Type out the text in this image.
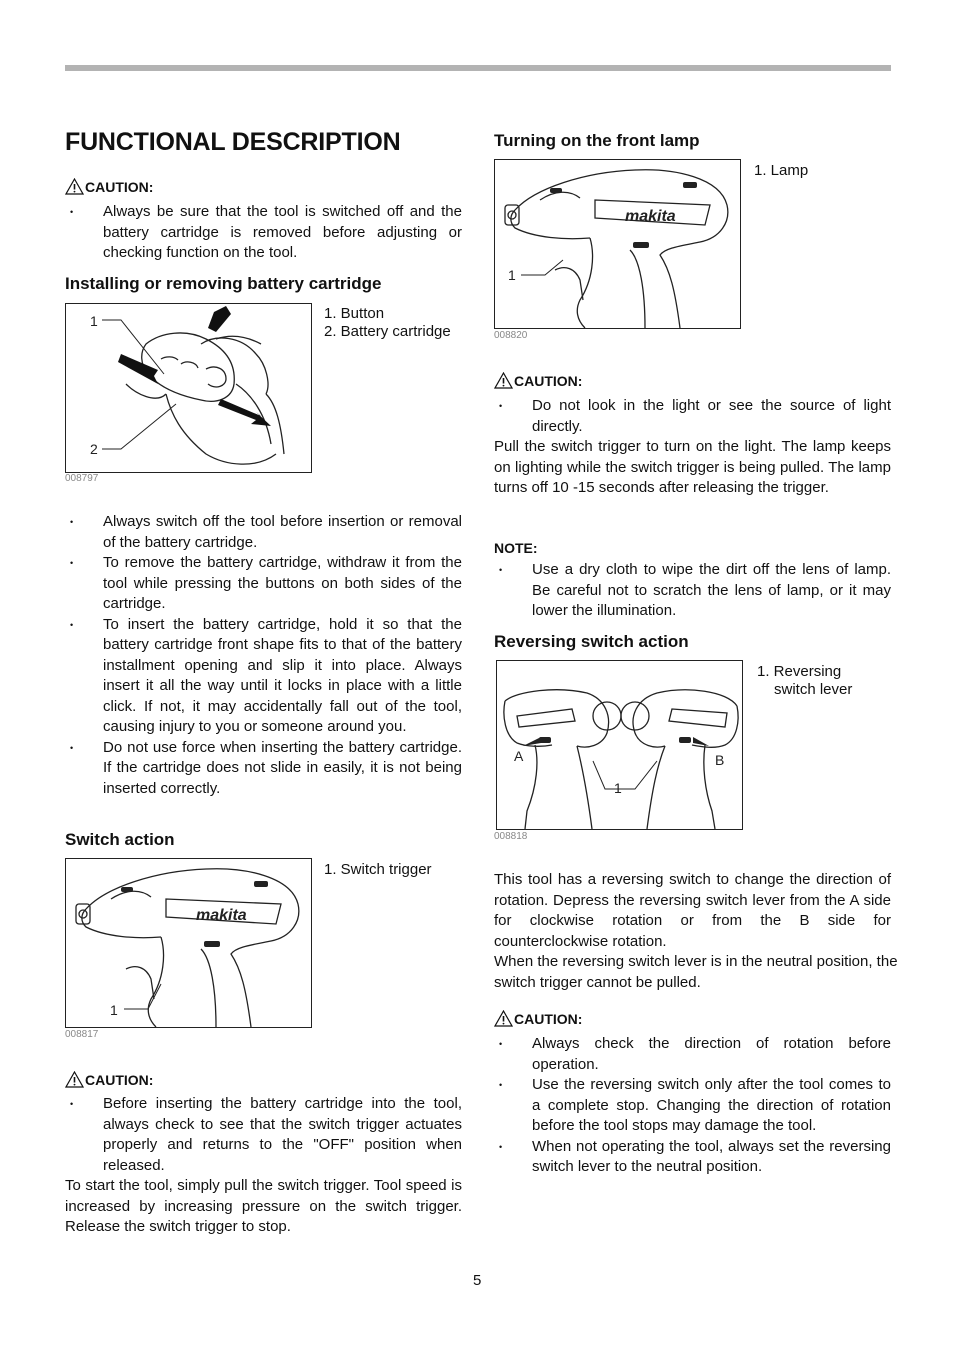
FUNCTIONAL DESCRIPTION
CAUTION:
• Always be sure that the tool is switched off and the battery cartridge is removed before adjusting or checking function on the tool.
Installing or removing battery cartridge
1
2
1. Button
2. Battery cartridge
008797
• Always switch off the tool before insertion or removal of the battery cartridge.
• To remove the battery cartridge, withdraw it from the tool while pressing the buttons on both sides of the cartridge.
• To insert the battery cartridge, hold it so that the battery cartridge front shape fits to that of the battery installment opening and slip it into place. Always insert it all the way until it locks in place with a little click. If not, it may accidentally fall out of the tool, causing injury to you or someone around you.
• Do not use force when inserting the battery cartridge. If the cartridge does not slide in easily, it is not being inserted correctly.
Switch action
makita
1
1. Switch trigger
008817
CAUTION:
• Before inserting the battery cartridge into the tool, always check to see that the switch trigger actuates properly and returns to the "OFF" position when released.
To start the tool, simply pull the switch trigger. Tool speed is increased by increasing pressure on the switch trigger. Release the switch trigger to stop.
Turning on the front lamp
makita
1
1. Lamp
008820
CAUTION:
• Do not look in the light or see the source of light directly.
Pull the switch trigger to turn on the light. The lamp keeps on lighting while the switch trigger is being pulled. The lamp turns off 10 -15 seconds after releasing the trigger.
NOTE:
• Use a dry cloth to wipe the dirt off the lens of lamp. Be careful not to scratch the lens of lamp, or it may lower the illumination.
Reversing switch action
A	B
1
1. Reversing
switch lever
008818
This tool has a reversing switch to change the direction of rotation. Depress the reversing switch lever from the A side for clockwise rotation or from the B side for counterclockwise rotation.
When the reversing switch lever is in the neutral position, the switch trigger cannot be pulled.
CAUTION:
• Always check the direction of rotation before operation.
• Use the reversing switch only after the tool comes to a complete stop. Changing the direction of rotation before the tool stops may damage the tool.
• When not operating the tool, always set the reversing switch lever to the neutral position.
5
